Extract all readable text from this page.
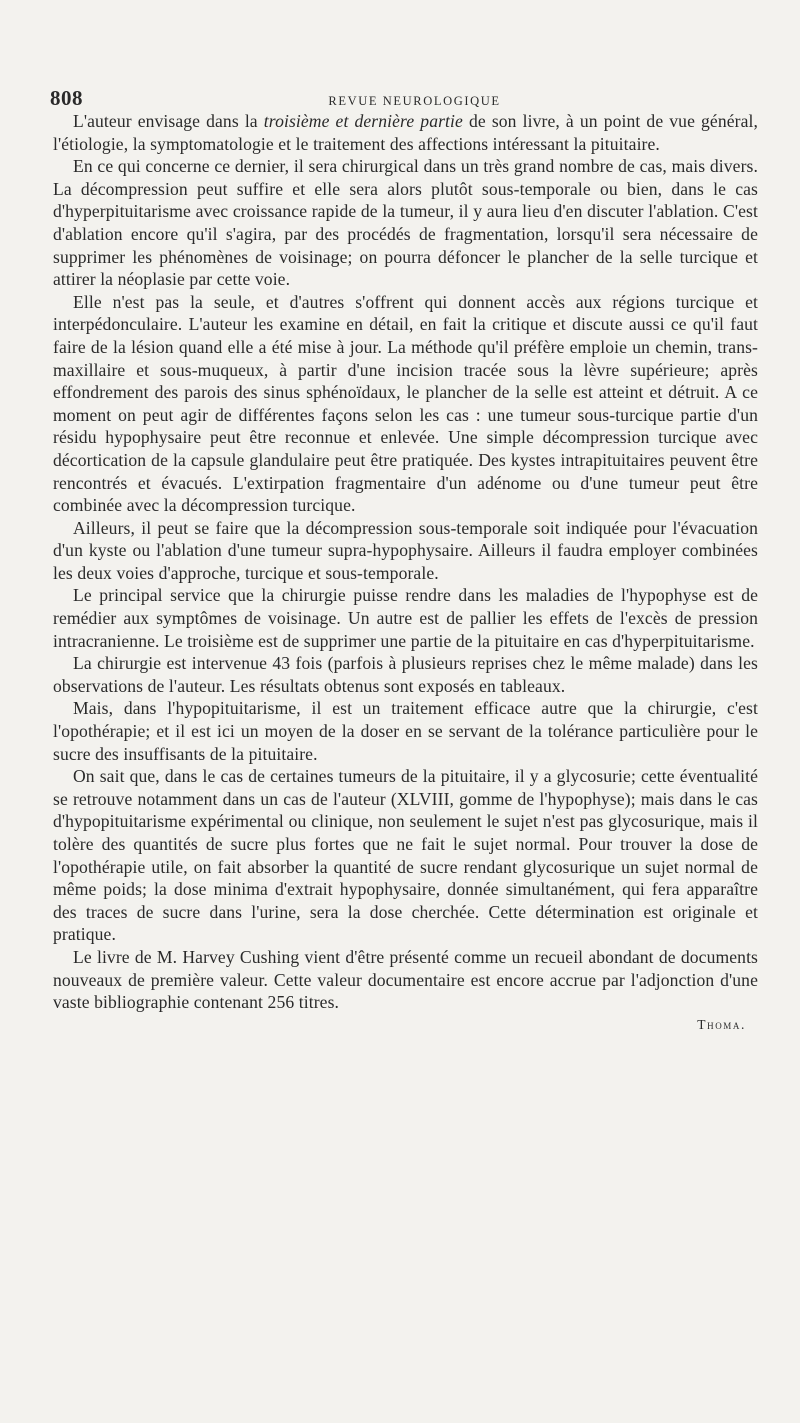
808	REVUE NEUROLOGIQUE

L'auteur envisage dans la troisième et dernière partie de son livre, à un point de vue général, l'étiologie, la symptomatologie et le traitement des affections intéressant la pituitaire.

En ce qui concerne ce dernier, il sera chirurgical dans un très grand nombre de cas, mais divers. La décompression peut suffire et elle sera alors plutôt sous-temporale ou bien, dans le cas d'hyperpituitarisme avec croissance rapide de la tumeur, il y aura lieu d'en discuter l'ablation. C'est d'ablation encore qu'il s'agira, par des procédés de fragmentation, lorsqu'il sera nécessaire de supprimer les phénomènes de voisinage; on pourra défoncer le plancher de la selle turcique et attirer la néoplasie par cette voie.

Elle n'est pas la seule, et d'autres s'offrent qui donnent accès aux régions turcique et interpédonculaire. L'auteur les examine en détail, en fait la critique et discute aussi ce qu'il faut faire de la lésion quand elle a été mise à jour. La méthode qu'il préfère emploie un chemin, trans-maxillaire et sous-muqueux, à partir d'une incision tracée sous la lèvre supérieure; après effondrement des parois des sinus sphénoïdaux, le plancher de la selle est atteint et détruit. A ce moment on peut agir de différentes façons selon les cas : une tumeur sous-turcique partie d'un résidu hypophysaire peut être reconnue et enlevée. Une simple décompression turcique avec décortication de la capsule glandulaire peut être pratiquée. Des kystes intrapituitaires peuvent être rencontrés et évacués. L'extirpation fragmentaire d'un adénome ou d'une tumeur peut être combinée avec la décompression turcique.

Ailleurs, il peut se faire que la décompression sous-temporale soit indiquée pour l'évacuation d'un kyste ou l'ablation d'une tumeur supra-hypophysaire. Ailleurs il faudra employer combinées les deux voies d'approche, turcique et sous-temporale.

Le principal service que la chirurgie puisse rendre dans les maladies de l'hypophyse est de remédier aux symptômes de voisinage. Un autre est de pallier les effets de l'excès de pression intracranienne. Le troisième est de supprimer une partie de la pituitaire en cas d'hyperpituitarisme.

La chirurgie est intervenue 43 fois (parfois à plusieurs reprises chez le même malade) dans les observations de l'auteur. Les résultats obtenus sont exposés en tableaux.

Mais, dans l'hypopituitarisme, il est un traitement efficace autre que la chirurgie, c'est l'opothérapie; et il est ici un moyen de la doser en se servant de la tolérance particulière pour le sucre des insuffisants de la pituitaire.

On sait que, dans le cas de certaines tumeurs de la pituitaire, il y a glycosurie; cette éventualité se retrouve notamment dans un cas de l'auteur (XLVIII, gomme de l'hypophyse); mais dans le cas d'hypopituitarisme expérimental ou clinique, non seulement le sujet n'est pas glycosurique, mais il tolère des quantités de sucre plus fortes que ne fait le sujet normal. Pour trouver la dose de l'opothérapie utile, on fait absorber la quantité de sucre rendant glycosurique un sujet normal de même poids; la dose minima d'extrait hypophysaire, donnée simultanément, qui fera apparaître des traces de sucre dans l'urine, sera la dose cherchée. Cette détermination est originale et pratique.

Le livre de M. Harvey Cushing vient d'être présenté comme un recueil abondant de documents nouveaux de première valeur. Cette valeur documentaire est encore accrue par l'adjonction d'une vaste bibliographie contenant 256 titres.

Thoma.
